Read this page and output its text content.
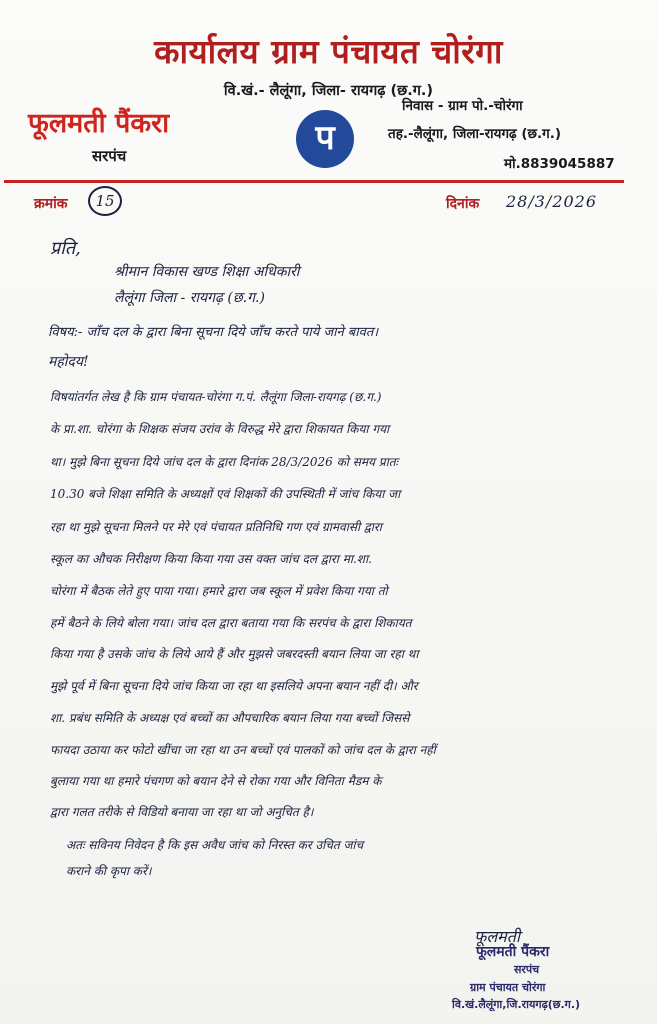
कार्यालय ग्राम पंचायत चोरंगा
वि.खं.- लैलूंगा, जिला- रायगढ़ (छ.ग.)
फूलमती पैंकरा
सरपंच	प
निवास - ग्राम पो.-चोरंगा
तह.-लैलूंगा, जिला-रायगढ़ (छ.ग.)
मो.8839045887
क्रमांक	15	दिनांक 28/3/2026
प्रति,
श्रीमान विकास खण्ड शिक्षा अधिकारी
लैलूंगा जिला - रायगढ़ (छ.ग.)
विषय:- जाँच दल के द्वारा बिना सूचना दिये जाँच करते पाये जाने बावत।
महोदय!
विषयांतर्गत लेख है कि ग्राम पंचायत-चोरंगा ग.पं. लैलूंगा जिला-रायगढ़ (छ.ग.)
के प्रा.शा. चोरंगा के शिक्षक संजय उरांव के विरुद्ध मेरे द्वारा शिकायत किया गया
था। मुझे बिना सूचना दिये जांच दल के द्वारा दिनांक 28/3/2026 को समय प्रातः
10.30 बजे शिक्षा समिति के अध्यक्षों एवं शिक्षकों की उपस्थिती में जांच किया जा
रहा था मुझे सूचना मिलने पर मेरे एवं पंचायत प्रतिनिधि गण एवं ग्रामवासी द्वारा
स्कूल का औचक निरीक्षण किया किया गया उस वक्त जांच दल द्वारा मा.शा.
चोरंगा में बैठक लेते हुए पाया गया। हमारे द्वारा जब स्कूल में प्रवेश किया गया तो
हमें बैठने के लिये बोला गया। जांच दल द्वारा बताया गया कि सरपंच के द्वारा शिकायत
किया गया है उसके जांच के लिये आये हैं और मुझसे जबरदस्ती बयान लिया जा रहा था
मुझे पूर्व में बिना सूचना दिये जांच किया जा रहा था इसलिये अपना बयान नहीं दी। और
शा. प्रबंध समिति के अध्यक्ष एवं बच्चों का औपचारिक बयान लिया गया बच्चों जिससे
फायदा उठाया कर फोटो खींचा जा रहा था उन बच्चों एवं पालकों को जांच दल के द्वारा नहीं
बुलाया गया था हमारे पंचगण को बयान देने से रोका गया और विनिता मैडम के
द्वारा गलत तरीके से विडियो बनाया जा रहा था जो अनुचित है।
अतः सविनय निवेदन है कि इस अवैध जांच को निरस्त कर उचित जांच
कराने की कृपा करें।
फूलमती
फूलमती पैंकरा
सरपंच
ग्राम पंचायत चोरंगा
वि.खं.लैलूंगा,जि.रायगढ़(छ.ग.)
